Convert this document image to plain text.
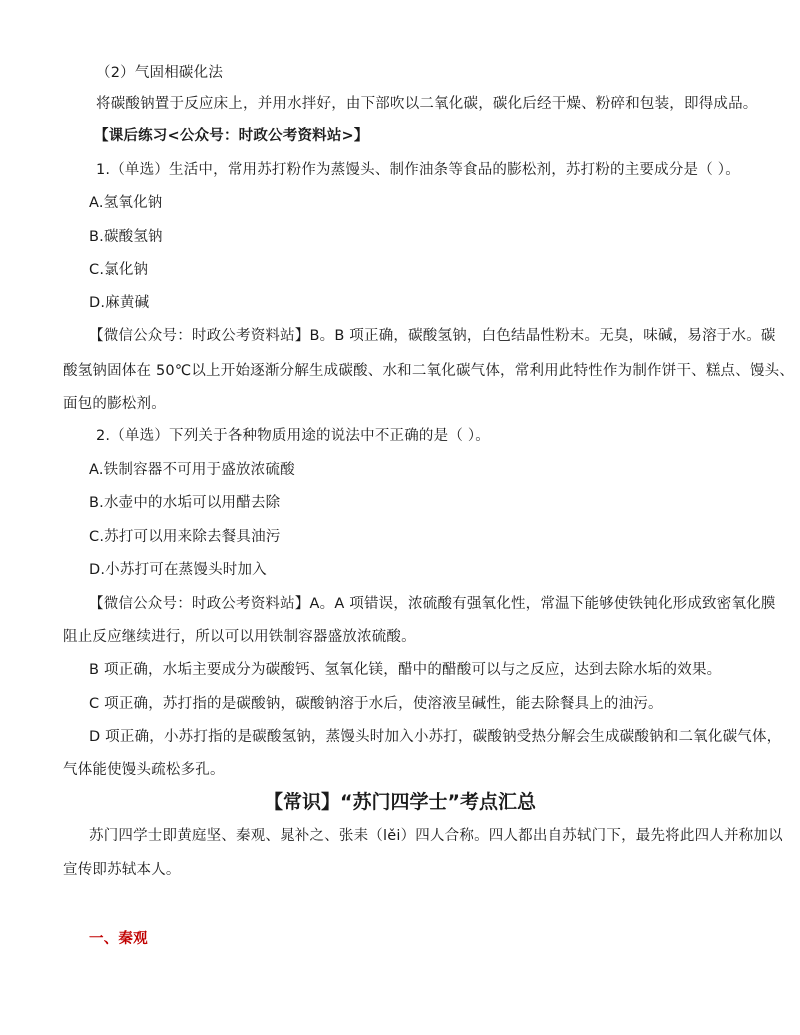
（2）气固相碳化法
将碳酸钠置于反应床上，并用水拌好，由下部吹以二氧化碳，碳化后经干燥、粉碎和包装，即得成品。
【课后练习<公众号：时政公考资料站>】
1.（单选）生活中，常用苏打粉作为蒸馒头、制作油条等食品的膨松剂，苏打粉的主要成分是（ ）。
A.氢氧化钠
B.碳酸氢钠
C.氯化钠
D.麻黄碱
【微信公众号：时政公考资料站】B。B 项正确，碳酸氢钠，白色结晶性粉末。无臭，味碱，易溶于水。碳
酸氢钠固体在 50℃以上开始逐渐分解生成碳酸、水和二氧化碳气体，常利用此特性作为制作饼干、糕点、馒头、
面包的膨松剂。
2.（单选）下列关于各种物质用途的说法中不正确的是（ ）。
A.铁制容器不可用于盛放浓硫酸
B.水壶中的水垢可以用醋去除
C.苏打可以用来除去餐具油污
D.小苏打可在蒸馒头时加入
【微信公众号：时政公考资料站】A。A 项错误，浓硫酸有强氧化性，常温下能够使铁钝化形成致密氧化膜
阻止反应继续进行，所以可以用铁制容器盛放浓硫酸。
B 项正确，水垢主要成分为碳酸钙、氢氧化镁，醋中的醋酸可以与之反应，达到去除水垢的效果。
C 项正确，苏打指的是碳酸钠，碳酸钠溶于水后，使溶液呈碱性，能去除餐具上的油污。
D 项正确，小苏打指的是碳酸氢钠，蒸馒头时加入小苏打，碳酸钠受热分解会生成碳酸钠和二氧化碳气体，
气体能使馒头疏松多孔。
【常识】“苏门四学士”考点汇总
苏门四学士即黄庭坚、秦观、晁补之、张耒（lěi）四人合称。四人都出自苏轼门下，最先将此四人并称加以
宣传即苏轼本人。
一、秦观
